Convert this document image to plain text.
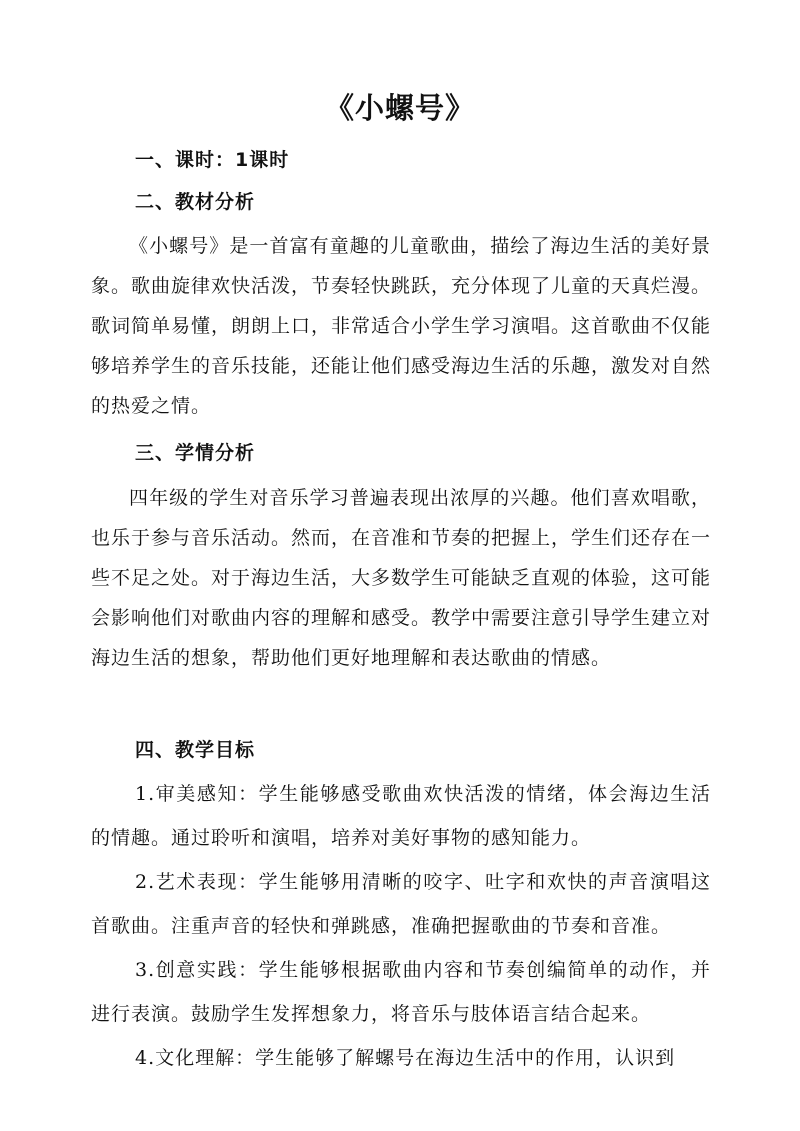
《小螺号》
一、课时：1课时
二、教材分析

《小螺号》是一首富有童趣的儿童歌曲，描绘了海边生活的美好景象。歌曲旋律欢快活泼，节奏轻快跳跃，充分体现了儿童的天真烂漫。歌词简单易懂，朗朗上口，非常适合小学生学习演唱。这首歌曲不仅能够培养学生的音乐技能，还能让他们感受海边生活的乐趣，激发对自然的热爱之情。

三、学情分析

四年级的学生对音乐学习普遍表现出浓厚的兴趣。他们喜欢唱歌，也乐于参与音乐活动。然而，在音准和节奏的把握上，学生们还存在一些不足之处。对于海边生活，大多数学生可能缺乏直观的体验，这可能会影响他们对歌曲内容的理解和感受。教学中需要注意引导学生建立对海边生活的想象，帮助他们更好地理解和表达歌曲的情感。

四、教学目标

1.审美感知：学生能够感受歌曲欢快活泼的情绪，体会海边生活的情趣。通过聆听和演唱，培养对美好事物的感知能力。

2.艺术表现：学生能够用清晰的咬字、吐字和欢快的声音演唱这首歌曲。注重声音的轻快和弹跳感，准确把握歌曲的节奏和音准。

3.创意实践：学生能够根据歌曲内容和节奏创编简单的动作，并进行表演。鼓励学生发挥想象力，将音乐与肢体语言结合起来。

4.文化理解：学生能够了解螺号在海边生活中的作用，认识到
